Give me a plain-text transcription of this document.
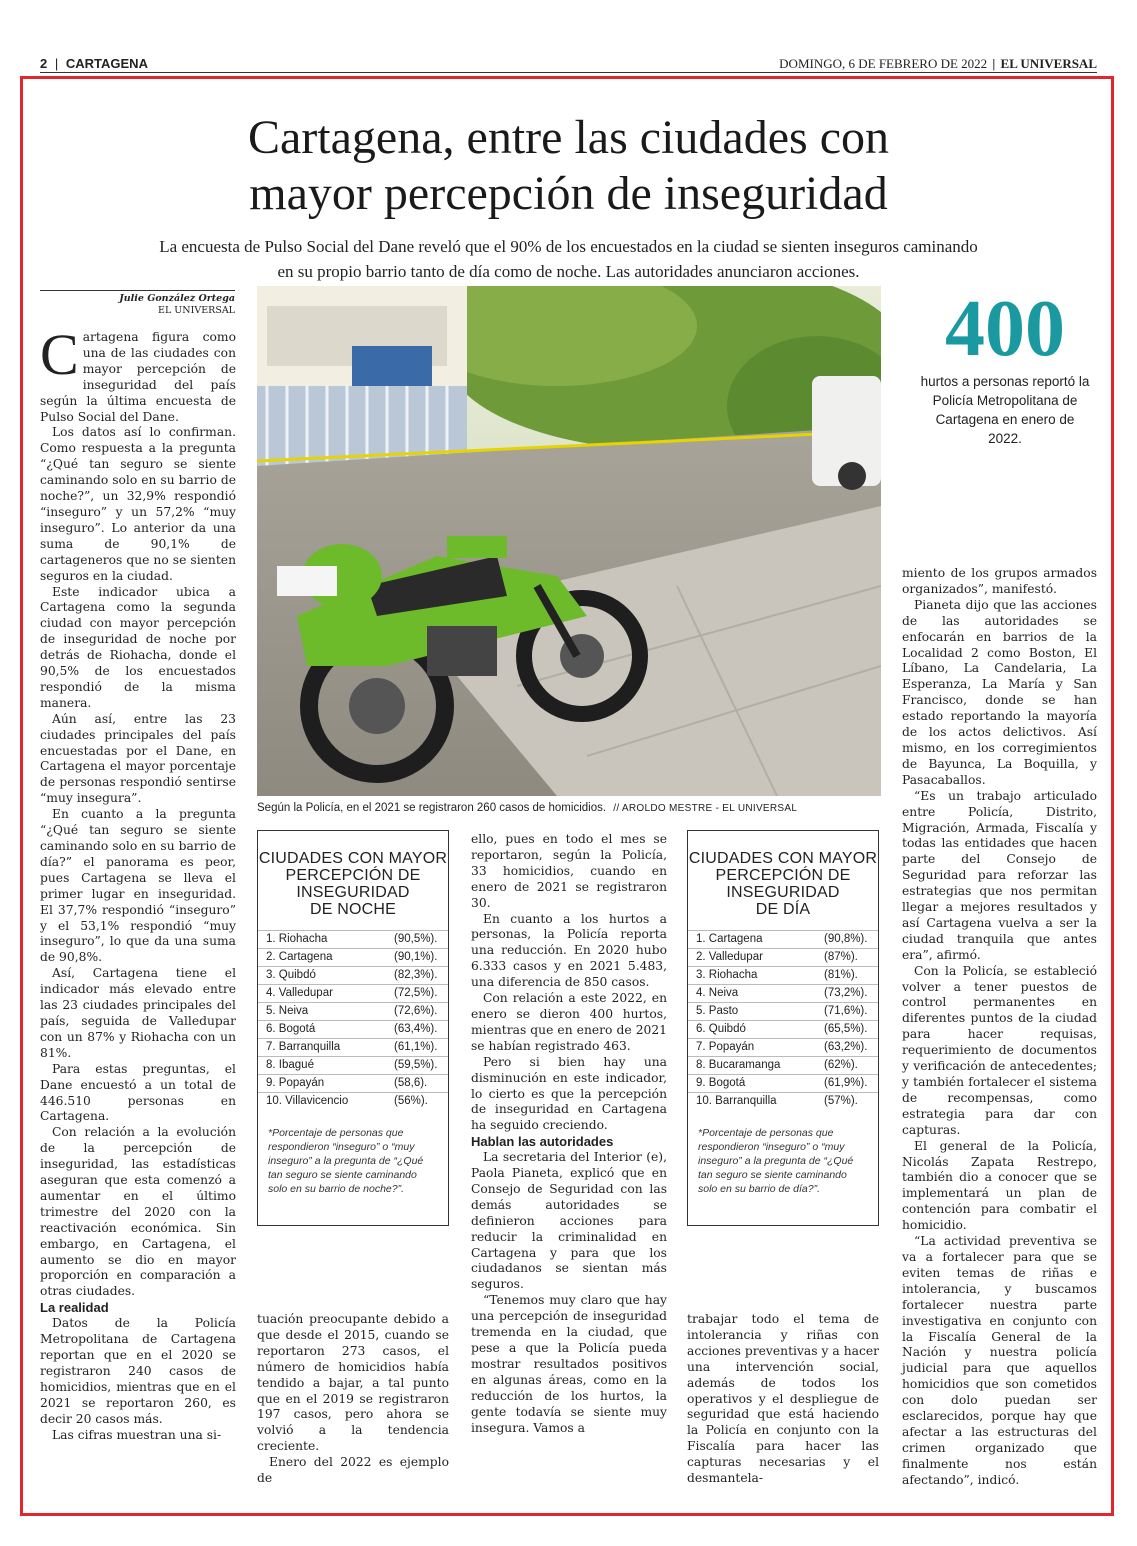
2 | CARTAGENA	DOMINGO, 6 DE FEBRERO DE 2022 | EL UNIVERSAL
Cartagena, entre las ciudades con
mayor percepción de inseguridad
La encuesta de Pulso Social del Dane reveló que el 90% de los encuestados en la ciudad se sienten inseguros caminando
en su propio barrio tanto de día como de noche. Las autoridades anunciaron acciones.
Julie González Ortega
EL UNIVERSAL

Cartagena figura como una de las ciudades con mayor percepción de inseguridad del país según la última encuesta de Pulso Social del Dane.

Los datos así lo confirman. Como respuesta a la pregunta “¿Qué tan seguro se siente caminando solo en su barrio de noche?”, un 32,9% respondió “inseguro” y un 57,2% “muy inseguro”. Lo anterior da una suma de 90,1% de cartageneros que no se sienten seguros en la ciudad.

Este indicador ubica a Cartagena como la segunda ciudad con mayor percepción de inseguridad de noche por detrás de Riohacha, donde el 90,5% de los encuestados respondió de la misma manera.

Aún así, entre las 23 ciudades principales del país encuestadas por el Dane, en Cartagena el mayor porcentaje de personas respondió sentirse “muy insegura”.

En cuanto a la pregunta “¿Qué tan seguro se siente caminando solo en su barrio de día?” el panorama es peor, pues Cartagena se lleva el primer lugar en inseguridad. El 37,7% respondió “inseguro” y el 53,1% respondió “muy inseguro”, lo que da una suma de 90,8%.

Así, Cartagena tiene el indicador más elevado entre las 23 ciudades principales del país, seguida de Valledupar con un 87% y Riohacha con un 81%.

Para estas preguntas, el Dane encuestó a un total de 446.510 personas en Cartagena.

Con relación a la evolución de la percepción de inseguridad, las estadísticas aseguran que esta comenzó a aumentar en el último trimestre del 2020 con la reactivación económica. Sin embargo, en Cartagena, el aumento se dio en mayor proporción en comparación a otras ciudades.

La realidad

Datos de la Policía Metropolitana de Cartagena reportan que en el 2020 se registraron 240 casos de homicidios, mientras que en el 2021 se reportaron 260, es decir 20 casos más.

Las cifras muestran una si-

Según la Policía, en el 2021 se registraron 260 casos de homicidios. // AROLDO MESTRE - EL UNIVERSAL
400
hurtos a personas reportó la Policía Metropolitana de Cartagena en enero de 2022.
CIUDADES CON MAYOR
PERCEPCIÓN DE
INSEGURIDAD
DE NOCHE
1. Riohacha	(90,5%).
2. Cartagena	(90,1%).
3. Quibdó	(82,3%).
4. Valledupar	(72,5%).
5. Neiva	(72,6%).
6. Bogotá	(63,4%).
7. Barranquilla	(61,1%).
8. Ibagué	(59,5%).
9. Popayán	(58,6).
10. Villavicencio	(56%).
*Porcentaje de personas que respondieron “inseguro” o “muy inseguro” a la pregunta de “¿Qué tan seguro se siente caminando solo en su barrio de noche?”.

tuación preocupante debido a que desde el 2015, cuando se reportaron 273 casos, el número de homicidios había tendido a bajar, a tal punto que en el 2019 se registraron 197 casos, pero ahora se volvió a la tendencia creciente.

Enero del 2022 es ejemplo de

ello, pues en todo el mes se reportaron, según la Policía, 33 homicidios, cuando en enero de 2021 se registraron 30.

En cuanto a los hurtos a personas, la Policía reporta una reducción. En 2020 hubo 6.333 casos y en 2021 5.483, una diferencia de 850 casos.

Con relación a este 2022, en enero se dieron 400 hurtos, mientras que en enero de 2021 se habían registrado 463.

Pero si bien hay una disminución en este indicador, lo cierto es que la percepción de inseguridad en Cartagena ha seguido creciendo.

Hablan las autoridades

La secretaria del Interior (e), Paola Pianeta, explicó que en Consejo de Seguridad con las demás autoridades se definieron acciones para reducir la criminalidad en Cartagena y para que los ciudadanos se sientan más seguros.

“Tenemos muy claro que hay una percepción de inseguridad tremenda en la ciudad, que pese a que la Policía pueda mostrar resultados positivos en algunas áreas, como en la reducción de los hurtos, la gente todavía se siente muy insegura. Vamos a

CIUDADES CON MAYOR
PERCEPCIÓN DE
INSEGURIDAD
DE DÍA
1. Cartagena	(90,8%).
2. Valledupar	(87%).
3. Riohacha	(81%).
4. Neiva	(73,2%).
5. Pasto	(71,6%).
6. Quibdó	(65,5%).
7. Popayán	(63,2%).
8. Bucaramanga	(62%).
9. Bogotá	(61,9%).
10. Barranquilla	(57%).
*Porcentaje de personas que respondieron “inseguro” o “muy inseguro” a la pregunta de “¿Qué tan seguro se siente caminando solo en su barrio de día?”.

trabajar todo el tema de intolerancia y riñas con acciones preventivas y a hacer una intervención social, además de todos los operativos y el despliegue de seguridad que está haciendo la Policía en conjunto con la Fiscalía para hacer las capturas necesarias y el desmantela-

miento de los grupos armados organizados”, manifestó.

Pianeta dijo que las acciones de las autoridades se enfocarán en barrios de la Localidad 2 como Boston, El Líbano, La Candelaria, La Esperanza, La María y San Francisco, donde se han estado reportando la mayoría de los actos delictivos. Así mismo, en los corregimientos de Bayunca, La Boquilla, y Pasacaballos.

“Es un trabajo articulado entre Policía, Distrito, Migración, Armada, Fiscalía y todas las entidades que hacen parte del Consejo de Seguridad para reforzar las estrategias que nos permitan llegar a mejores resultados y así Cartagena vuelva a ser la ciudad tranquila que antes era”, afirmó.

Con la Policía, se estableció volver a tener puestos de control permanentes en diferentes puntos de la ciudad para hacer requisas, requerimiento de documentos y verificación de antecedentes; y también fortalecer el sistema de recompensas, como estrategia para dar con capturas.

El general de la Policía, Nicolás Zapata Restrepo, también dio a conocer que se implementará un plan de contención para combatir el homicidio.

“La actividad preventiva se va a fortalecer para que se eviten temas de riñas e intolerancia, y buscamos fortalecer nuestra parte investigativa en conjunto con la Fiscalía General de la Nación y nuestra policía judicial para que aquellos homicidios que son cometidos con dolo puedan ser esclarecidos, porque hay que afectar a las estructuras del crimen organizado que finalmente nos están afectando”, indicó.
